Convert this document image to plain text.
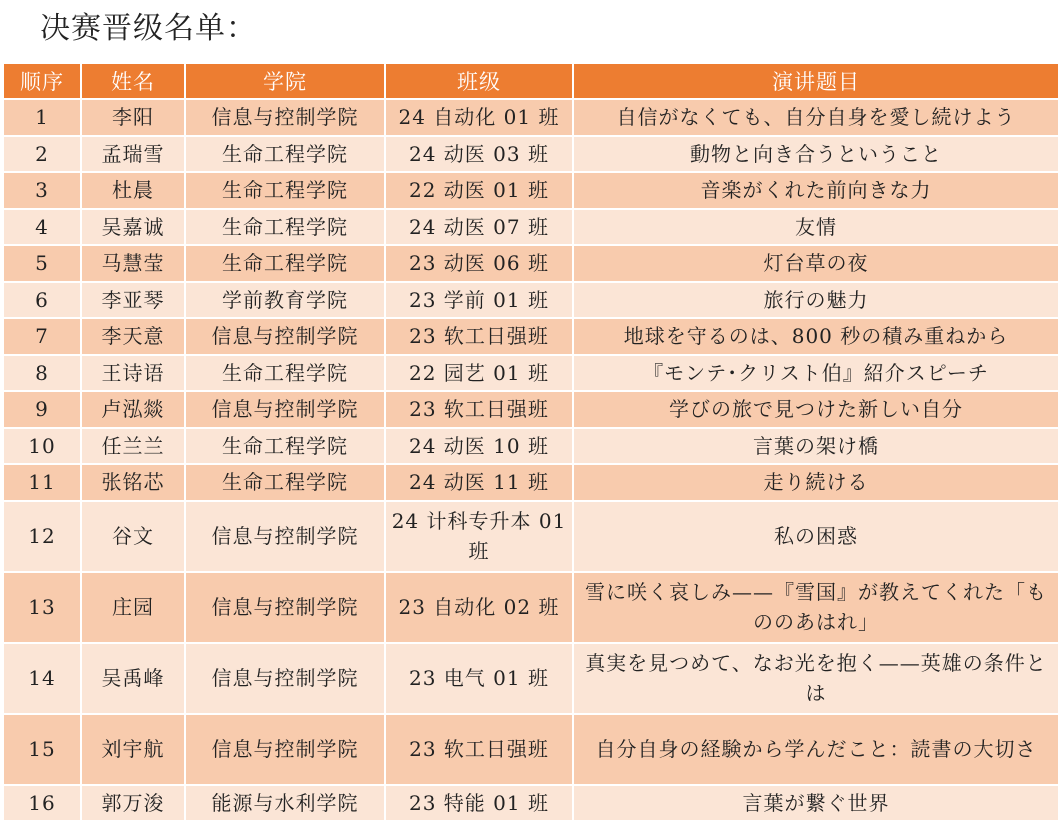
决赛晋级名单：
顺序	姓名	学院	班级	演讲题目
1	李阳	信息与控制学院	24 自动化 01 班	自信がなくても、自分自身を愛し続けよう
2	孟瑞雪	生命工程学院	24 动医 03 班	動物と向き合うということ
3	杜晨	生命工程学院	22 动医 01 班	音楽がくれた前向きな力
4	吴嘉诚	生命工程学院	24 动医 07 班	友情
5	马慧莹	生命工程学院	23 动医 06 班	灯台草の夜
6	李亚琴	学前教育学院	23 学前 01 班	旅行の魅力
7	李天意	信息与控制学院	23 软工日强班	地球を守るのは、800 秒の積み重ねから
8	王诗语	生命工程学院	22 园艺 01 班	『モンテ･クリスト伯』紹介スピーチ
9	卢泓燚	信息与控制学院	23 软工日强班	学びの旅で見つけた新しい自分
10	任兰兰	生命工程学院	24 动医 10 班	言葉の架け橋
11	张铭芯	生命工程学院	24 动医 11 班	走り続ける
12	谷文	信息与控制学院	24 计科专升本 01 班	私の困惑
13	庄园	信息与控制学院	23 自动化 02 班	雪に咲く哀しみ——『雪国』が教えてくれた「もののあはれ」
14	吴禹峰	信息与控制学院	23 电气 01 班	真実を見つめて、なお光を抱く——英雄の条件とは
15	刘宇航	信息与控制学院	23 软工日强班	自分自身の経験から学んだこと：読書の大切さ
16	郭万浚	能源与水利学院	23 特能 01 班	言葉が繋ぐ世界
